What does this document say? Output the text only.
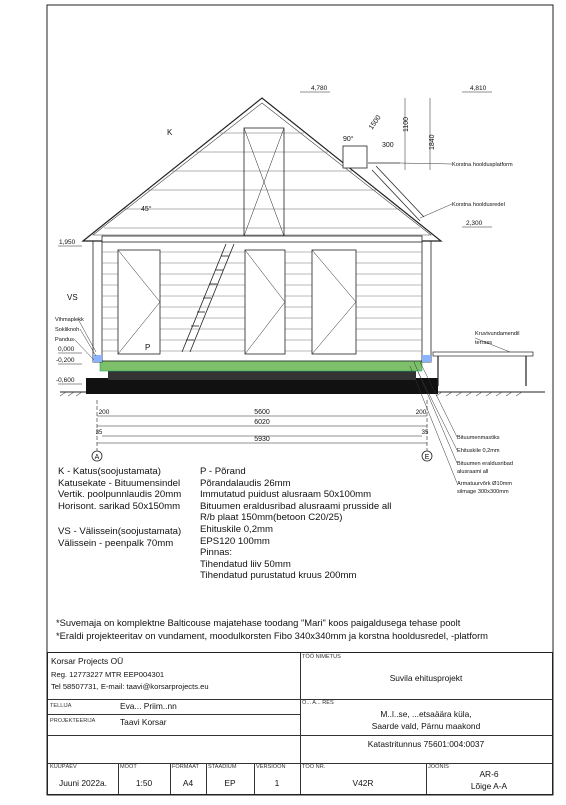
A	E
5600
6020
5930
200	200
35	35
1500	1100
1840
300
4,780	4,810
1,950
2,300
0,000
-0,200
-0,600
K
VS
P
45°
90°
Vihmaplekk
Sokliknoh
Pandus
Korstna hooldusplatform
Korstna hooldusredel
Kruvivundamendil
terrass
Bituumenmastiks
Ehituskile 0,2mm
Bituumen eraldusribad
alusraami all
Armatuurvõrk Ø10mm
silmage 300x300mm
K - Katus(soojustamata)
Katusekate - Bituumensindel
Vertik. poolpunnlaudis 20mm
Horisont. sarikad 50x150mm
VS - Välissein(soojustamata)
Välissein - peenpalk 70mm
P - Põrand
Põrandalaudis 26mm
Immutatud puidust alusraam 50x100mm
Bituumen eraldusribad alusraami prusside all
R/b plaat 150mm(betoon C20/25)
Ehituskile 0,2mm
EPS120 100mm
Pinnas:
Tihendatud liiv 50mm
Tihendatud purustatud kruus 200mm
*Suvemaja on komplektne Balticouse majatehase toodang "Mari" koos paigaldusega tehase poolt
*Eraldi projekteeritav on vundament, moodulkorsten Fibo 340x340mm ja korstna hooldusredel, -platform
Korsar Projects OÜ
Reg. 12773227 MTR EEP004301
Tel 58507731, E-mail: taavi@korsarprojects.eu
TÖÖ NIMETUS
Suvila ehitusprojekt
TELLIJA	Eva... Priim..nn
PROJEKTEERIJA	Taavi Korsar
O... A... RES
M..l..se, ...etsaäära küla,
Saarde vald, Pärnu maakond
Katastritunnus 75601:004:0037
KUUPÄEV
Juuni 2022a.
MÕÕT
1:50
FORMAAT
A4
STAADIUM
EP
VERSIOON
1
TÖÖ NR.
V42R
JOONIS
AR-6
Lõige A-A
